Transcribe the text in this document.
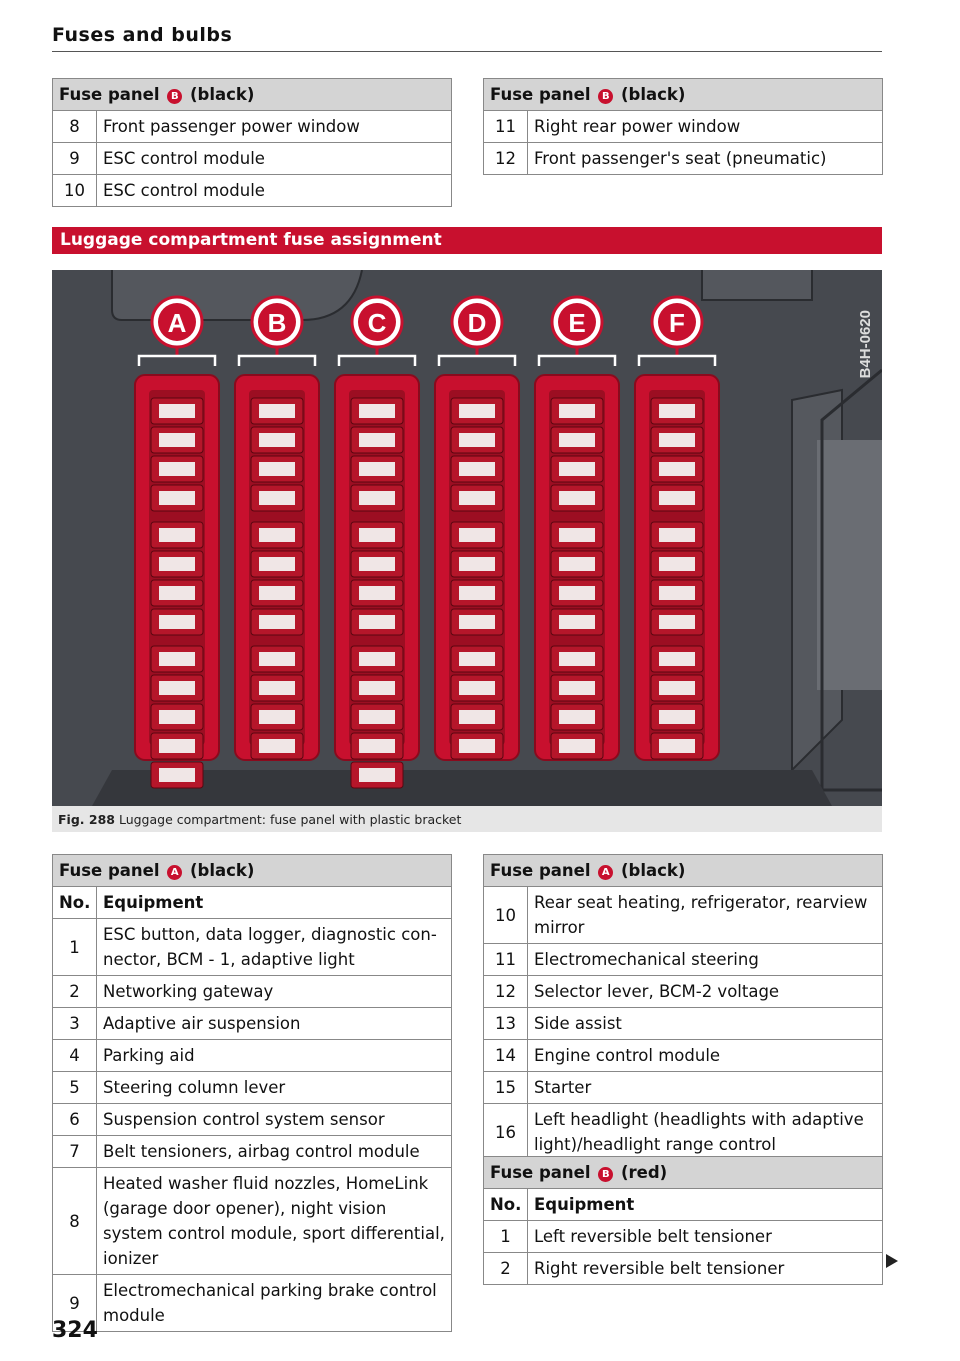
Fuses and bulbs
Fuse panel B (black)	
8	Front passenger power window
9	ESC control module
10	ESC control module
Fuse panel B (black)	
11	Right rear power window
12	Front passenger's seat (pneumatic)
Luggage compartment fuse assignment
A	B	C	D	E	F	B4H-0620
Fig. 288 Luggage compartment: fuse panel with plastic bracket
Fuse panel A (black)	
No.	Equipment
1	ESC button, data logger, diagnostic con-nector, BCM - 1, adaptive light
2	Networking gateway
3	Adaptive air suspension
4	Parking aid
5	Steering column lever
6	Suspension control system sensor
7	Belt tensioners, airbag control module
8	Heated washer fluid nozzles, HomeLink (garage door opener), night vision system control module, sport differential, ionizer
9	Electromechanical parking brake control module
Fuse panel A (black)	
10	Rear seat heating, refrigerator, rearview mirror
11	Electromechanical steering
12	Selector lever, BCM-2 voltage
13	Side assist
14	Engine control module
15	Starter
16	Left headlight (headlights with adaptive light)/headlight range control
Fuse panel B (red)	
No.	Equipment
1	Left reversible belt tensioner
2	Right reversible belt tensioner
324
